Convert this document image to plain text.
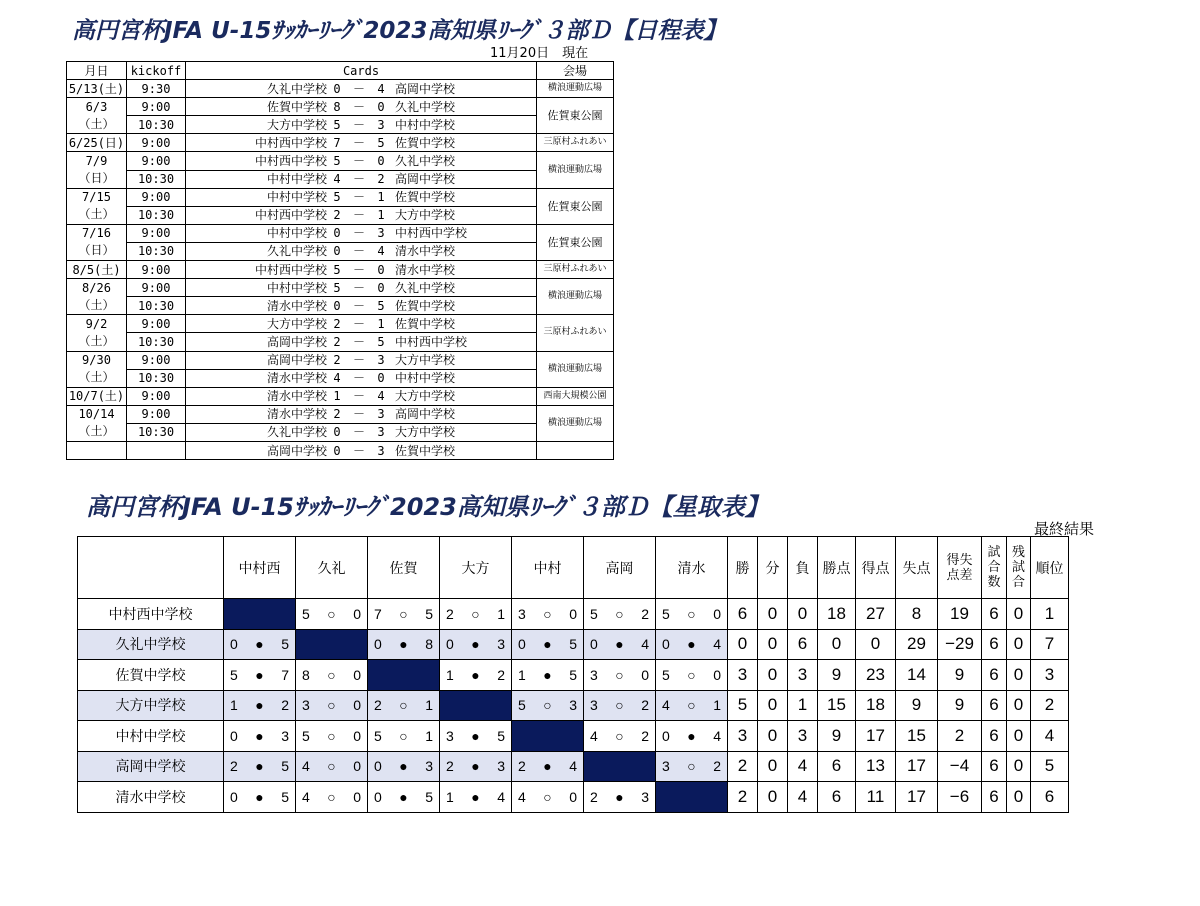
高円宮杯JFA U-15ｻｯｶｰﾘｰｸﾞ2023高知県ﾘｰｸﾞ３部Ｄ【日程表】
11月20日　現在
月日	kickoff	Cards	会場
5/13(土)	9:30	久礼中学校 0 － 4 高岡中学校	横浪運動広場

6/3
（土）	9:00	佐賀中学校 8 － 0 久礼中学校	佐賀東公園
	10:30	大方中学校 5 － 3 中村中学校	
6/25(日)	9:00	中村西中学校 7 － 5 佐賀中学校	三原村ふれあい

7/9
（日）	9:00	中村西中学校 5 － 0 久礼中学校	横浪運動広場
	10:30	中村中学校 4 － 2 高岡中学校	

7/15
（土）	9:00	中村中学校 5 － 1 佐賀中学校	佐賀東公園
	10:30	中村西中学校 2 － 1 大方中学校	

7/16
（日）	9:00	中村中学校 0 － 3 中村西中学校	佐賀東公園
	10:30	久礼中学校 0 － 4 清水中学校	
8/5(土)	9:00	中村西中学校 5 － 0 清水中学校	三原村ふれあい

8/26
（土）	9:00	中村中学校 5 － 0 久礼中学校	横浪運動広場
	10:30	清水中学校 0 － 5 佐賀中学校	

9/2
（土）	9:00	大方中学校 2 － 1 佐賀中学校	三原村ふれあい
	10:30	高岡中学校 2 － 5 中村西中学校	

9/30
（土）	9:00	高岡中学校 2 － 3 大方中学校	横浪運動広場
	10:30	清水中学校 4 － 0 中村中学校	
10/7(土)	9:00	清水中学校 1 － 4 大方中学校	西南大規模公園

10/14
（土）	9:00	清水中学校 2 － 3 高岡中学校	横浪運動広場
	10:30	久礼中学校 0 － 3 大方中学校	
		高岡中学校 0 － 3 佐賀中学校	
高円宮杯JFA U-15ｻｯｶｰﾘｰｸﾞ2023高知県ﾘｰｸﾞ３部Ｄ【星取表】
最終結果
	中村西	久礼	佐賀	大方	中村	高岡	清水	勝	分	負	勝点	得点	失点	得失
点差	試
合
数	残
試
合	順位
中村西中学校		5 ○ 0	7 ○ 5	2 ○ 1	3 ○ 0	5 ○ 2	5 ○ 0	6	0	0	18	27	8	19	6	0	1
久礼中学校	0 ● 5		0 ● 8	0 ● 3	0 ● 5	0 ● 4	0 ● 4	0	0	6	0	0	29	−29	6	0	7
佐賀中学校	5 ● 7	8 ○ 0		1 ● 2	1 ● 5	3 ○ 0	5 ○ 0	3	0	3	9	23	14	9	6	0	3
大方中学校	1 ● 2	3 ○ 0	2 ○ 1		5 ○ 3	3 ○ 2	4 ○ 1	5	0	1	15	18	9	9	6	0	2
中村中学校	0 ● 3	5 ○ 0	5 ○ 1	3 ● 5		4 ○ 2	0 ● 4	3	0	3	9	17	15	2	6	0	4
高岡中学校	2 ● 5	4 ○ 0	0 ● 3	2 ● 3	2 ● 4		3 ○ 2	2	0	4	6	13	17	−4	6	0	5
清水中学校	0 ● 5	4 ○ 0	0 ● 5	1 ● 4	4 ○ 0	2 ● 3		2	0	4	6	11	17	−6	6	0	6
